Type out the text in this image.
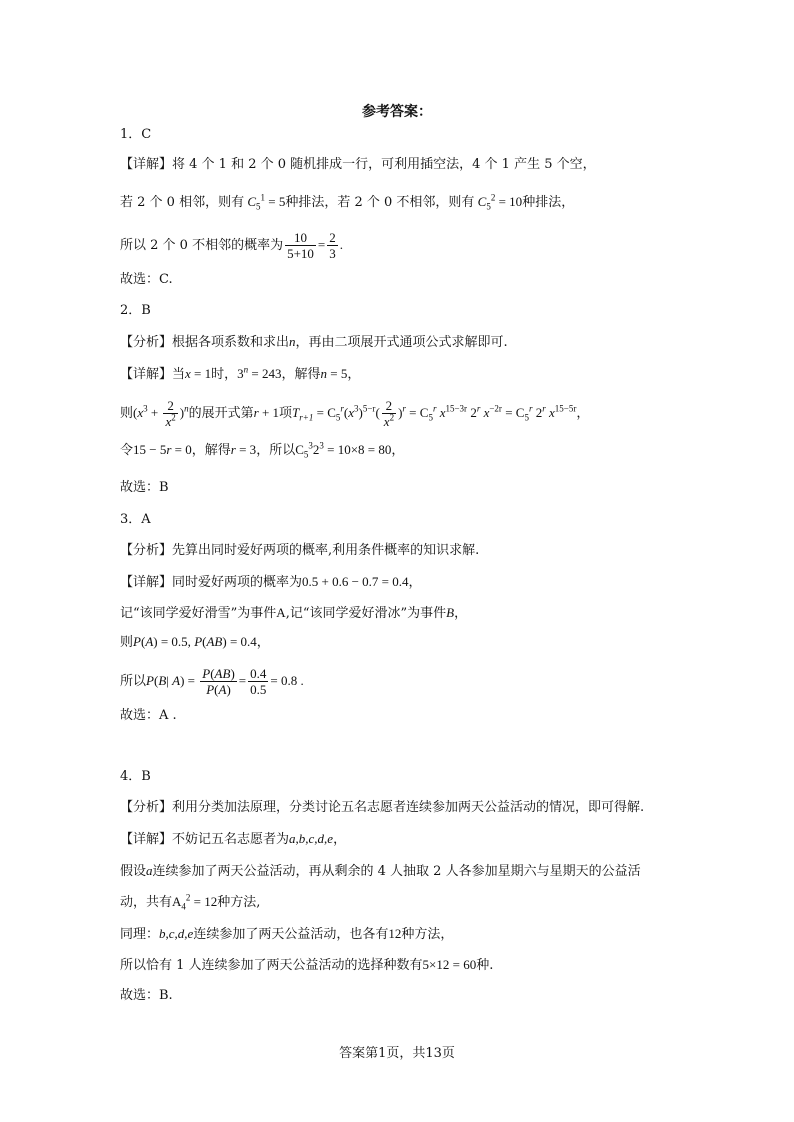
参考答案：
1．C
【详解】将 4 个 1 和 2 个 0 随机排成一行，可利用插空法，4 个 1 产生 5 个空，
若 2 个 0 相邻，则有 $C_5^1 = 5$种排法，若 2 个 0 不相邻，则有 $C_5^2 = 10$种排法，
所以 2 个 0 不相邻的概率为 $\frac{10}{5+10} = \frac{2}{3}$ .
故选：C.
2．B
【分析】根据各项系数和求出n，再由二项展开式通项公式求解即可.
【详解】当x = 1时，$3^n = 243$，解得n = 5，
则$(x^3 + \frac{2}{x^2} )^n$的展开式第r + 1项$T_{r+1} = C_5^r(x^3)^{5-r}( \frac{2}{x^2} )^r = C_5^r$ $x^{15-3r}$ 2$^r$ $x^{-2r} = C_5^r$ 2$^r$ $x^{15-5r}$，
令15 − 5r = 0，解得r = 3，所以$C_5^32^3 = 10\times 8 = 80$，
故选：B
3．A
【分析】先算出同时爱好两项的概率,利用条件概率的知识求解.
【详解】同时爱好两项的概率为0.5 + 0.6 − 0.7 = 0.4，
记“该同学爱好滑雪”为事件A,记“该同学爱好滑冰”为事件B，
则P(A) = 0.5, P(AB) = 0.4，
所以P(B| $A) = \frac{P(AB)}{P(A)} = \frac{0.4}{0.5} = 0.8$ .
故选：A .
4．B
【分析】利用分类加法原理，分类讨论五名志愿者连续参加两天公益活动的情况，即可得解.
【详解】不妨记五名志愿者为a,b,c,d,e，
假设a连续参加了两天公益活动，再从剩余的 4 人抽取 2 人各参加星期六与星期天的公益活
动，共有$A_4^2 = 12$种方法,
同理：b,c,d,e连续参加了两天公益活动，也各有12种方法，
所以恰有 1 人连续参加了两天公益活动的选择种数有5×12 = 60种.
故选：B.
答案第1页，共13页
